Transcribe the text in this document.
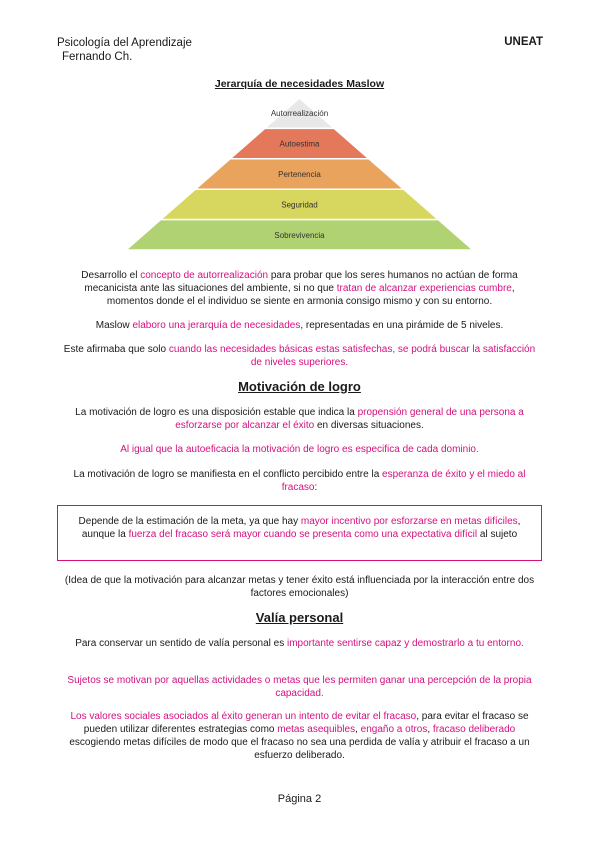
Psicología del Aprendizaje
Fernando Ch.
UNEAT
Jerarquía de necesidades Maslow
Autorrealización
Autoestima
Pertenencia
Seguridad
Sobrevivencia
Desarrollo el concepto de autorrealización para probar que los seres humanos no actúan de forma mecanicista ante las situaciones del ambiente, si no que tratan de alcanzar experiencias cumbre, momentos donde el el individuo se siente en armonia consigo mismo y con su entorno.
Maslow elaboro una jerarquía de necesidades, representadas en una pirámide de 5 niveles.
Este afirmaba que solo cuando las necesidades básicas estas satisfechas, se podrá buscar la satisfacción de niveles superiores.
Motivación de logro
La motivación de logro es una disposición estable que indica la propensión general de una persona a esforzarse por alcanzar el éxito en diversas situaciones.
Al igual que la autoeficacia la motivación de logro es especifica de cada dominio.
La motivación de logro se manifiesta en el conflicto percibido entre la esperanza de éxito y el miedo al fracaso:
Depende de la estimación de la meta, ya que hay mayor incentivo por esforzarse en metas difíciles, aunque la fuerza del fracaso será mayor cuando se presenta como una expectativa difícil al sujeto
(Idea de que la motivación para alcanzar metas y tener éxito está influenciada por la interacción entre dos factores emocionales)
Valía personal
Para conservar un sentido de valía personal es importante sentirse capaz y demostrarlo a tu entorno.
Sujetos se motivan por aquellas actividades o metas que les permiten ganar una percepción de la propia capacidad.
Los valores sociales asociados al éxito generan un intento de evitar el fracaso, para evitar el fracaso se pueden utilizar diferentes estrategias como metas asequibles, engaño a otros, fracaso deliberado escogiendo metas difíciles de modo que el fracaso no sea una perdida de valía y atribuir el fracaso a un esfuerzo deliberado.
Página 2
